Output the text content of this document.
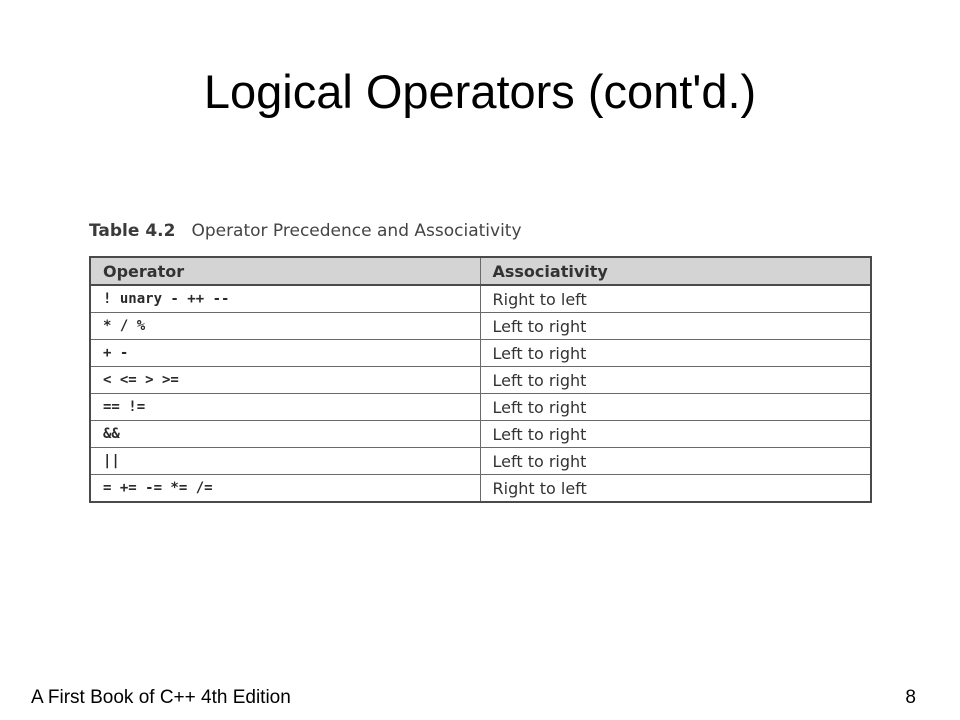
Logical Operators (cont'd.)
Table 4.2 Operator Precedence and Associativity
Operator	Associativity
! unary - ++ --	Right to left
* / %	Left to right
+ -	Left to right
< <= > >=	Left to right
== !=	Left to right
&&	Left to right
||	Left to right
= += -= *= /=	Right to left
A First Book of C++ 4th Edition	8
